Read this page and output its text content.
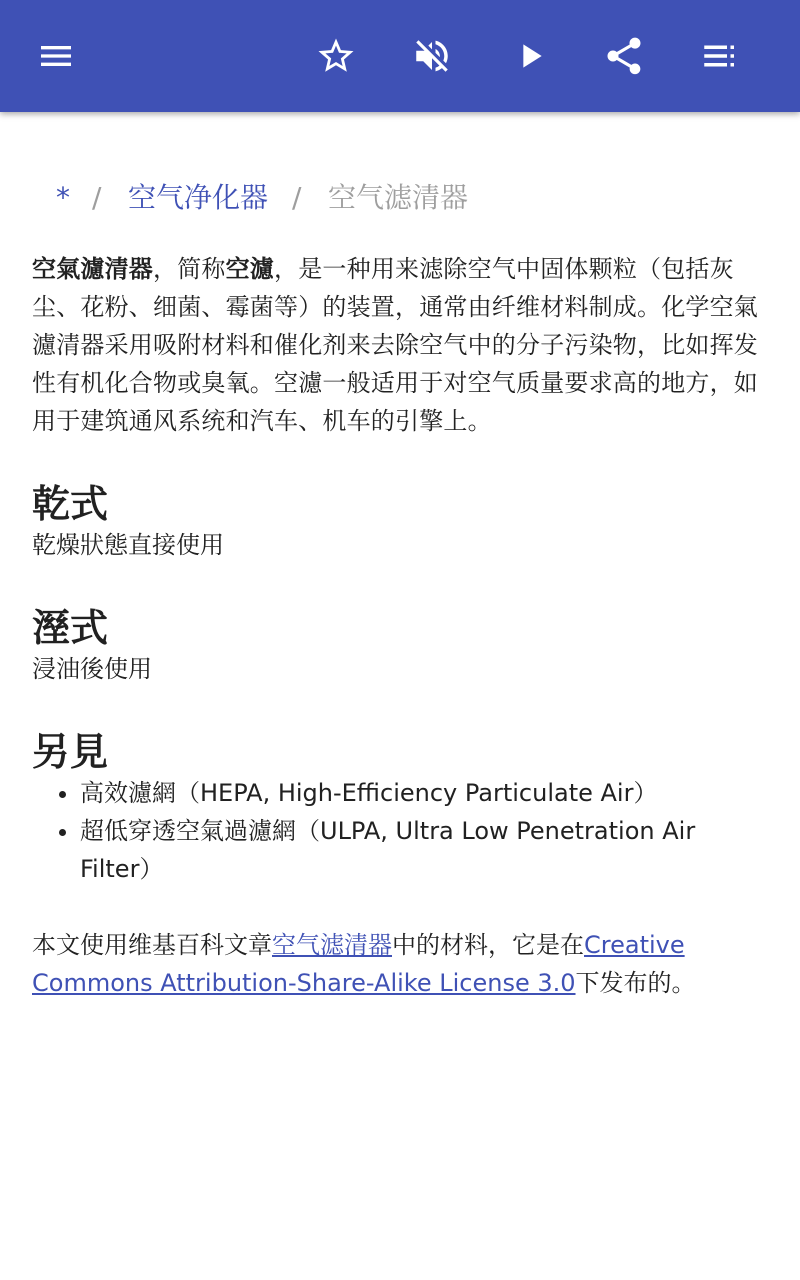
* / 空气净化器 / 空气滤清器

空氣濾清器，简称空濾，是一种用来滤除空气中固体颗粒（包括灰尘、花粉、细菌、霉菌等）的装置，通常由纤维材料制成。化学空氣濾清器采用吸附材料和催化剂来去除空气中的分子污染物，比如挥发性有机化合物或臭氧。空濾一般适用于对空气质量要求高的地方，如用于建筑通风系统和汽车、机车的引擎上。

乾式

乾燥狀態直接使用

溼式

浸油後使用

另見
• 高效濾網（HEPA, High-Efficiency Particulate Air）
• 超低穿透空氣過濾網（ULPA, Ultra Low Penetration Air Filter）

本文使用维基百科文章空气滤清器中的材料，它是在Creative Commons Attribution-Share-Alike License 3.0下发布的。
